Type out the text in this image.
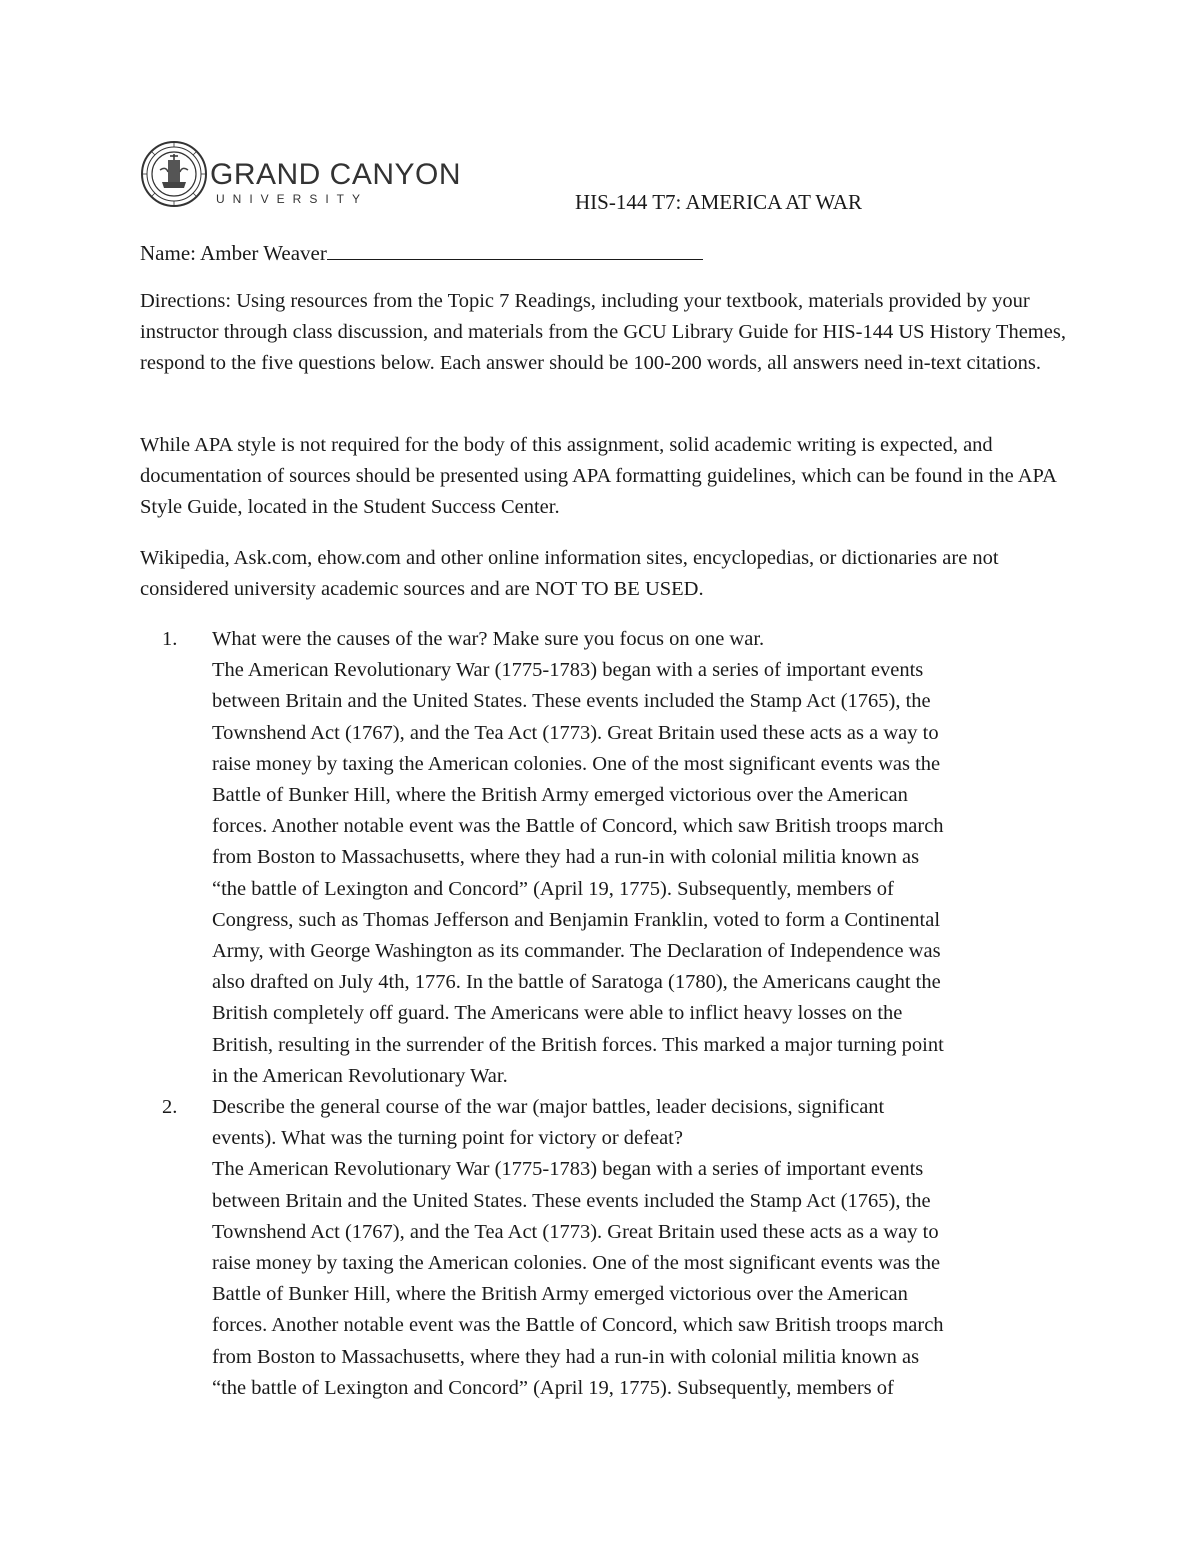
GRAND CANYON
UNIVERSITY	HIS-144 T7: AMERICA AT WAR
Name: Amber Weaver

Directions: Using resources from the Topic 7 Readings, including your textbook, materials provided by your instructor through class discussion, and materials from the GCU Library Guide for HIS-144 US History Themes, respond to the five questions below. Each answer should be 100-200 words, all answers need in-text citations.

While APA style is not required for the body of this assignment, solid academic writing is expected, and documentation of sources should be presented using APA formatting guidelines, which can be found in the APA Style Guide, located in the Student Success Center.

Wikipedia, Ask.com, ehow.com and other online information sites, encyclopedias, or dictionaries are not considered university academic sources and are NOT TO BE USED.

1. What were the causes of the war? Make sure you focus on one war.
The American Revolutionary War (1775-1783) began with a series of important events
between Britain and the United States. These events included the Stamp Act (1765), the
Townshend Act (1767), and the Tea Act (1773). Great Britain used these acts as a way to
raise money by taxing the American colonies. One of the most significant events was the
Battle of Bunker Hill, where the British Army emerged victorious over the American
forces. Another notable event was the Battle of Concord, which saw British troops march
from Boston to Massachusetts, where they had a run-in with colonial militia known as
“the battle of Lexington and Concord” (April 19, 1775). Subsequently, members of
Congress, such as Thomas Jefferson and Benjamin Franklin, voted to form a Continental
Army, with George Washington as its commander. The Declaration of Independence was
also drafted on July 4th, 1776. In the battle of Saratoga (1780), the Americans caught the
British completely off guard. The Americans were able to inflict heavy losses on the
British, resulting in the surrender of the British forces. This marked a major turning point
in the American Revolutionary War.
2. Describe the general course of the war (major battles, leader decisions, significant
events). What was the turning point for victory or defeat?
The American Revolutionary War (1775-1783) began with a series of important events
between Britain and the United States. These events included the Stamp Act (1765), the
Townshend Act (1767), and the Tea Act (1773). Great Britain used these acts as a way to
raise money by taxing the American colonies. One of the most significant events was the
Battle of Bunker Hill, where the British Army emerged victorious over the American
forces. Another notable event was the Battle of Concord, which saw British troops march
from Boston to Massachusetts, where they had a run-in with colonial militia known as
“the battle of Lexington and Concord” (April 19, 1775). Subsequently, members of
